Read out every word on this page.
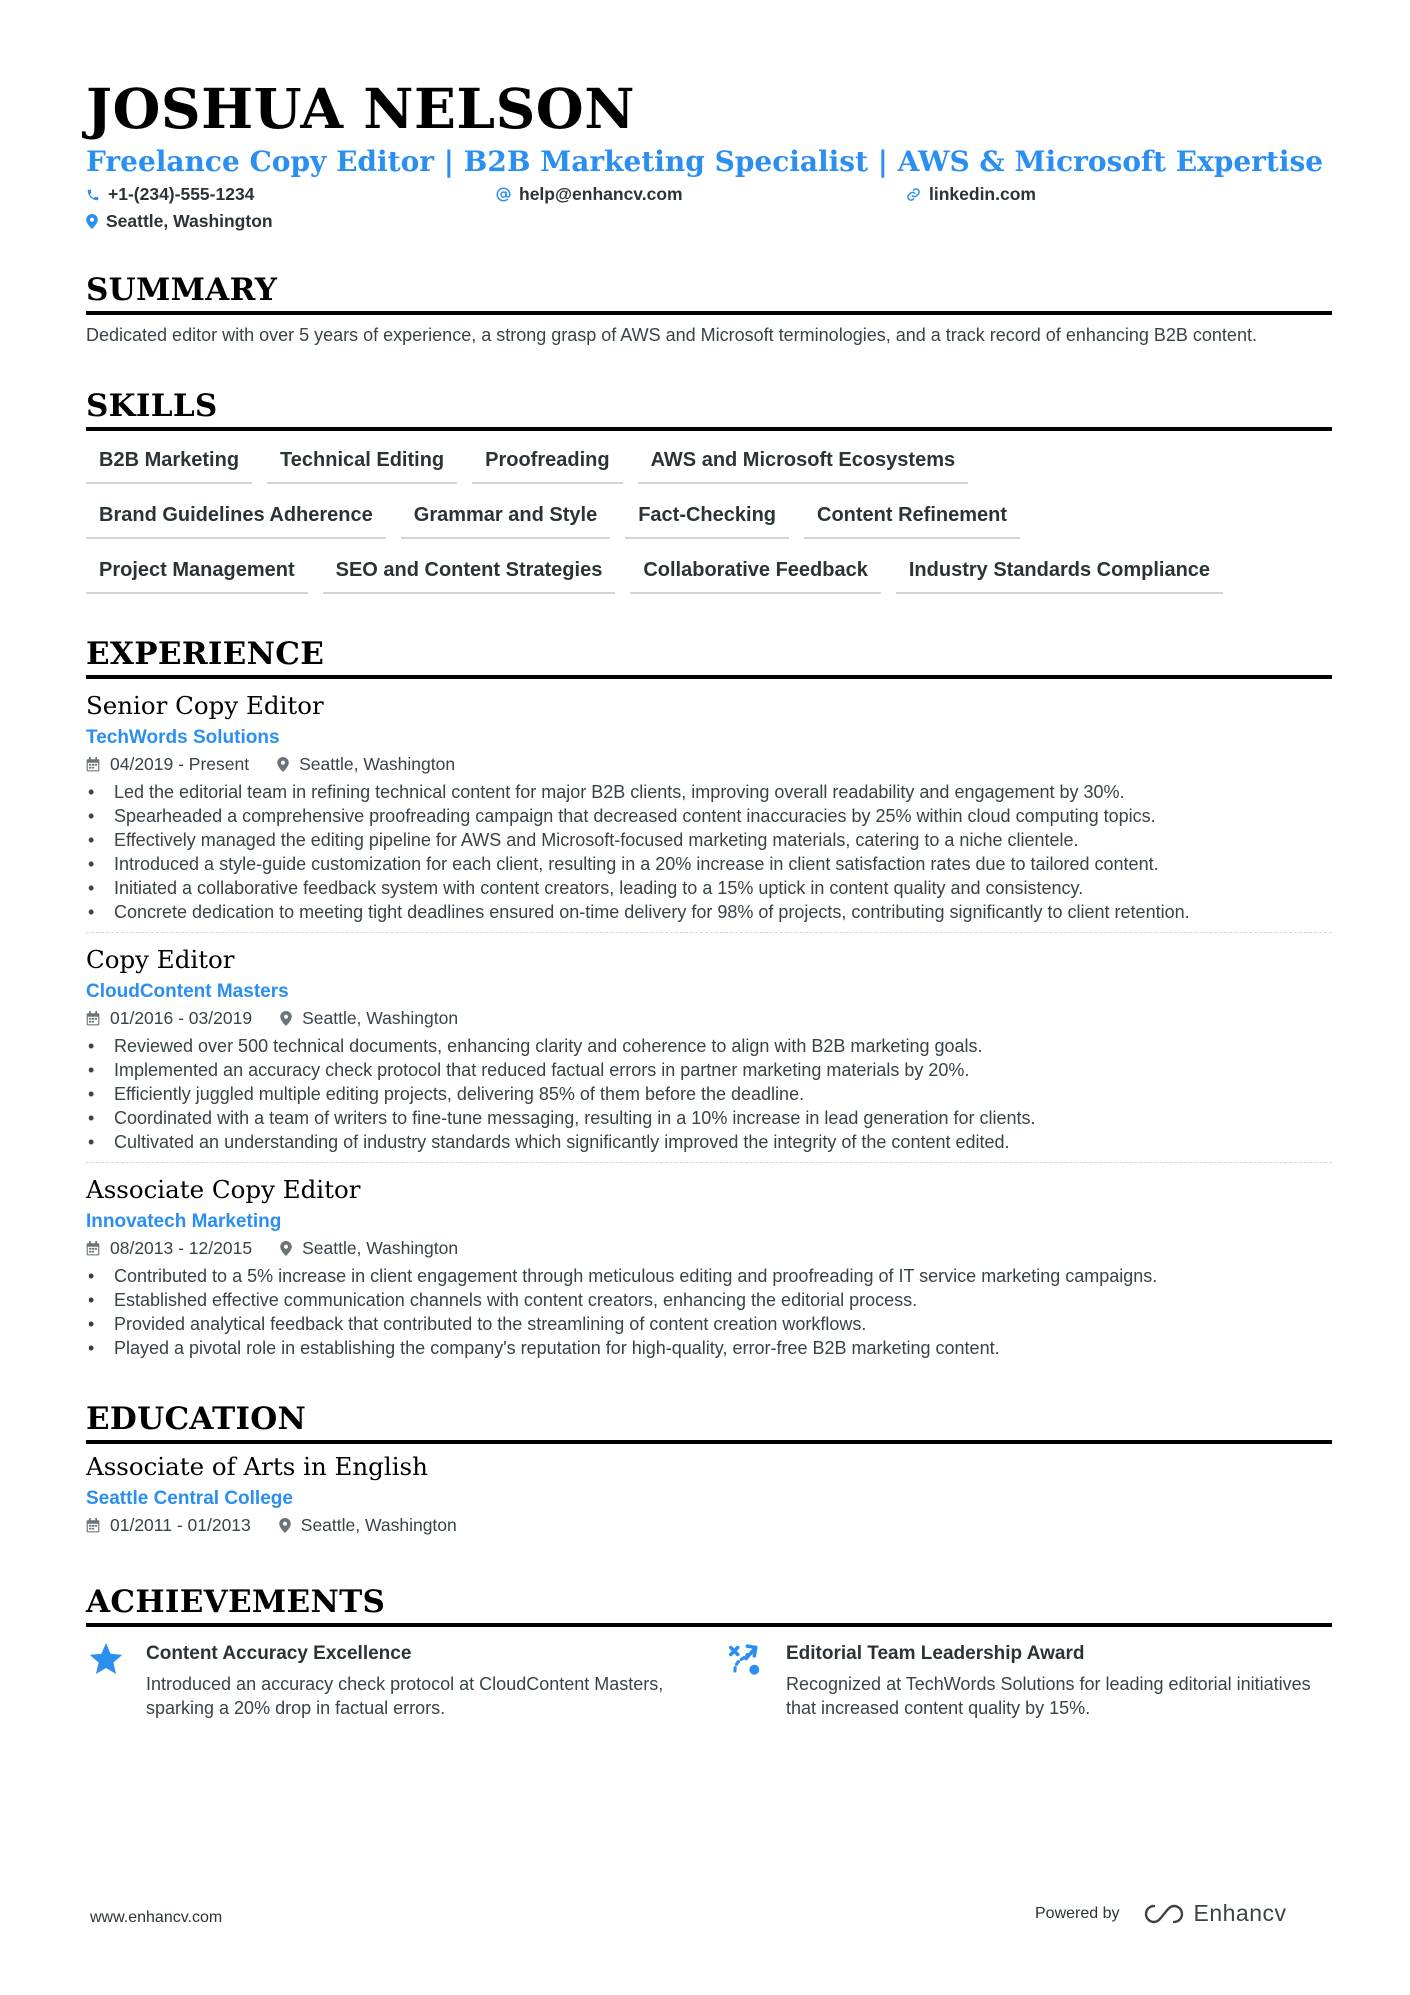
JOSHUA NELSON
Freelance Copy Editor | B2B Marketing Specialist | AWS & Microsoft Expertise
+1-(234)-555-1234	help@enhancv.com	linkedin.com
Seattle, Washington
SUMMARY
Dedicated editor with over 5 years of experience, a strong grasp of AWS and Microsoft terminologies, and a track record of enhancing B2B content.
SKILLS
B2B Marketing	Technical Editing	Proofreading	AWS and Microsoft Ecosystems
Brand Guidelines Adherence	Grammar and Style	Fact-Checking	Content Refinement
Project Management	SEO and Content Strategies	Collaborative Feedback	Industry Standards Compliance
EXPERIENCE
Senior Copy Editor
TechWords Solutions
04/2019 - Present	Seattle, Washington
• Led the editorial team in refining technical content for major B2B clients, improving overall readability and engagement by 30%.
• Spearheaded a comprehensive proofreading campaign that decreased content inaccuracies by 25% within cloud computing topics.
• Effectively managed the editing pipeline for AWS and Microsoft-focused marketing materials, catering to a niche clientele.
• Introduced a style-guide customization for each client, resulting in a 20% increase in client satisfaction rates due to tailored content.
• Initiated a collaborative feedback system with content creators, leading to a 15% uptick in content quality and consistency.
• Concrete dedication to meeting tight deadlines ensured on-time delivery for 98% of projects, contributing significantly to client retention.
Copy Editor
CloudContent Masters
01/2016 - 03/2019	Seattle, Washington
• Reviewed over 500 technical documents, enhancing clarity and coherence to align with B2B marketing goals.
• Implemented an accuracy check protocol that reduced factual errors in partner marketing materials by 20%.
• Efficiently juggled multiple editing projects, delivering 85% of them before the deadline.
• Coordinated with a team of writers to fine-tune messaging, resulting in a 10% increase in lead generation for clients.
• Cultivated an understanding of industry standards which significantly improved the integrity of the content edited.
Associate Copy Editor
Innovatech Marketing
08/2013 - 12/2015	Seattle, Washington
• Contributed to a 5% increase in client engagement through meticulous editing and proofreading of IT service marketing campaigns.
• Established effective communication channels with content creators, enhancing the editorial process.
• Provided analytical feedback that contributed to the streamlining of content creation workflows.
• Played a pivotal role in establishing the company's reputation for high-quality, error-free B2B marketing content.
EDUCATION
Associate of Arts in English
Seattle Central College
01/2011 - 01/2013	Seattle, Washington
ACHIEVEMENTS
Content Accuracy Excellence
Introduced an accuracy check protocol at CloudContent Masters, sparking a 20% drop in factual errors.
Editorial Team Leadership Award
Recognized at TechWords Solutions for leading editorial initiatives that increased content quality by 15%.
www.enhancv.com	Powered by	Enhancv
